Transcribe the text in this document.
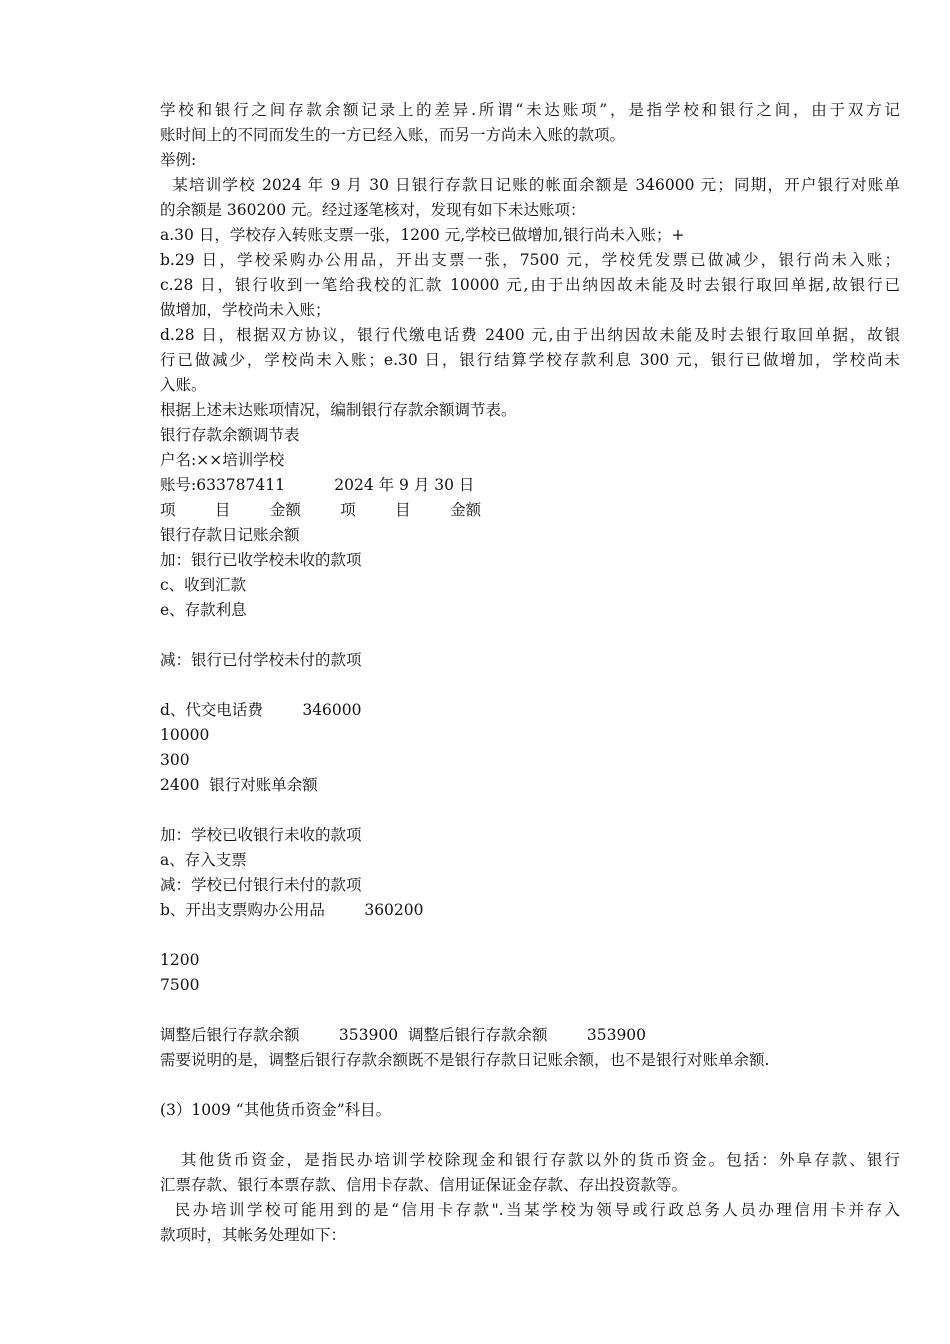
学校和银行之间存款余额记录上的差异.所谓“未达账项”，是指学校和银行之间，由于双方记
账时间上的不同而发生的一方已经入账，而另一方尚未入账的款项。
举例:
某培训学校 2024 年 9 月 30 日银行存款日记账的帐面余额是 346000 元；同期，开户银行对账单
的余额是 360200 元。经过逐笔核对，发现有如下未达账项：
a.30 日，学校存入转账支票一张，1200 元,学校已做增加,银行尚未入账；+
b.29 日，学校采购办公用品，开出支票一张，7500 元，学校凭发票已做减少，银行尚未入账；
c.28 日，银行收到一笔给我校的汇款 10000 元,由于出纳因故未能及时去银行取回单据,故银行已
做增加，学校尚未入账；
d.28 日，根据双方协议，银行代缴电话费 2400 元,由于出纳因故未能及时去银行取回单据，故银
行已做减少，学校尚未入账；e.30 日，银行结算学校存款利息 300 元，银行已做增加，学校尚未
入账。
根据上述未达账项情况，编制银行存款余额调节表。
银行存款余额调节表
户名:××培训学校
账号:633787411          2024 年 9 月 30 日
项        目        金额        项        目        金额
银行存款日记账余额
加：银行已收学校未收的款项
c、收到汇款
e、存款利息
减：银行已付学校未付的款项
d、代交电话费        346000
10000
300
2400  银行对账单余额
加：学校已收银行未收的款项
a、存入支票
减：学校已付银行未付的款项
b、开出支票购办公用品        360200
1200
7500
调整后银行存款余额        353900  调整后银行存款余额        353900
需要说明的是，调整后银行存款余额既不是银行存款日记账余额，也不是银行对账单余额.
(3）1009 “其他货币资金”科目。
其他货币资金，是指民办培训学校除现金和银行存款以外的货币资金。包括：外阜存款、银行
汇票存款、银行本票存款、信用卡存款、信用证保证金存款、存出投资款等。
民办培训学校可能用到的是“信用卡存款".当某学校为领导或行政总务人员办理信用卡并存入
款项时，其帐务处理如下：
